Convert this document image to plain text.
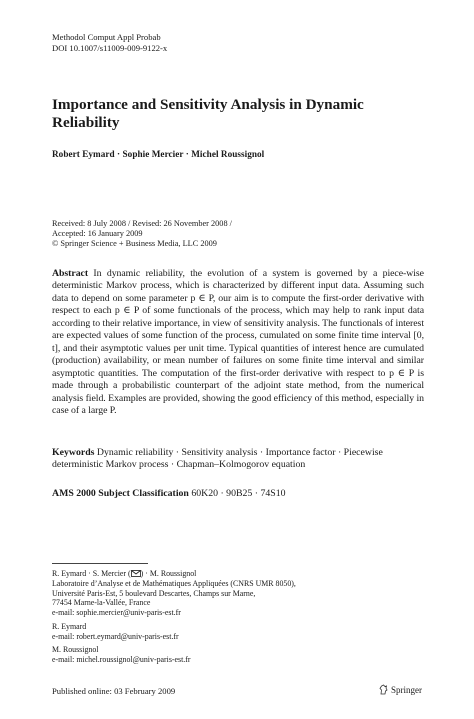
Methodol Comput Appl Probab
DOI 10.1007/s11009-009-9122-x
Importance and Sensitivity Analysis in Dynamic
Reliability
Robert Eymard · Sophie Mercier · Michel Roussignol
Received: 8 July 2008 / Revised: 26 November 2008 /
Accepted: 16 January 2009
© Springer Science + Business Media, LLC 2009
Abstract In dynamic reliability, the evolution of a system is governed by a piece-wise deterministic Markov process, which is characterized by different input data. Assuming such data to depend on some parameter p ∈ P, our aim is to compute the first-order derivative with respect to each p ∈ P of some functionals of the process, which may help to rank input data according to their relative importance, in view of sensitivity analysis. The functionals of interest are expected values of some function of the process, cumulated on some finite time interval [0, t], and their asymptotic values per unit time. Typical quantities of interest hence are cumulated (production) availability, or mean number of failures on some finite time interval and similar asymptotic quantities. The computation of the first-order derivative with respect to p ∈ P is made through a probabilistic counterpart of the adjoint state method, from the numerical analysis field. Examples are provided, showing the good efficiency of this method, especially in case of a large P.
Keywords Dynamic reliability · Sensitivity analysis · Importance factor · Piecewise deterministic Markov process · Chapman–Kolmogorov equation
AMS 2000 Subject Classification 60K20 · 90B25 · 74S10
R. Eymard · S. Mercier ( ) · M. Roussignol
Laboratoire d’Analyse et de Mathématiques Appliquées (CNRS UMR 8050),
Université Paris-Est, 5 boulevard Descartes, Champs sur Marne,
77454 Marne-la-Vallée, France
e-mail: sophie.mercier@univ-paris-est.fr
R. Eymard
e-mail: robert.eymard@univ-paris-est.fr
M. Roussignol
e-mail: michel.roussignol@univ-paris-est.fr
Published online: 03 February 2009	Springer
